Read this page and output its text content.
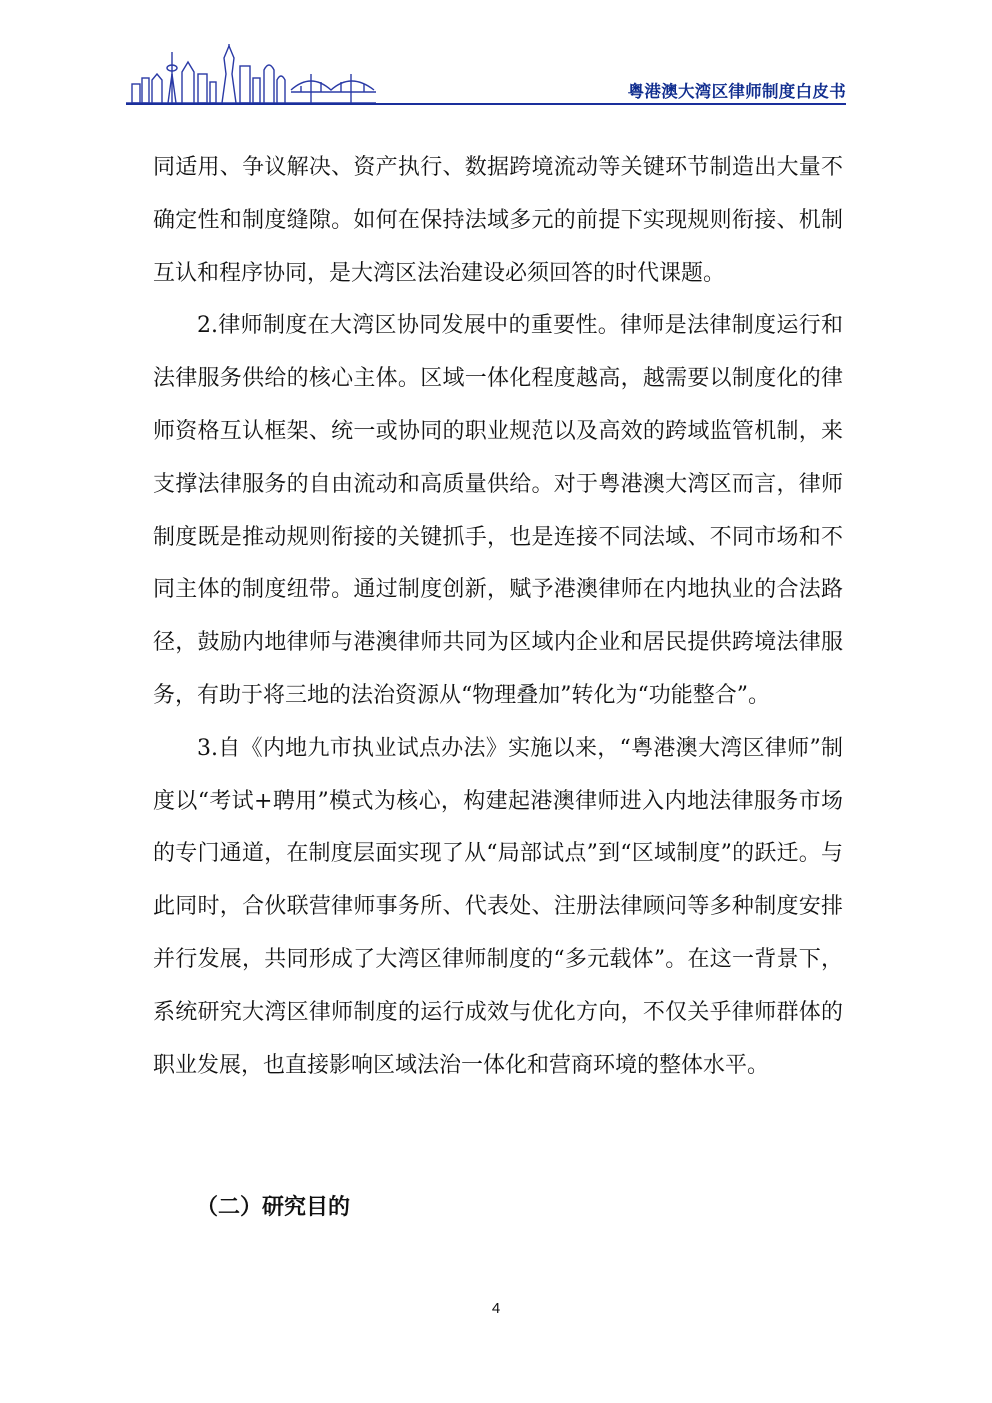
粤港澳大湾区律师制度白皮书

同适用、争议解决、资产执行、数据跨境流动等关键环节制造出大量不确定性和制度缝隙。如何在保持法域多元的前提下实现规则衔接、机制互认和程序协同，是大湾区法治建设必须回答的时代课题。

2.律师制度在大湾区协同发展中的重要性。律师是法律制度运行和法律服务供给的核心主体。区域一体化程度越高，越需要以制度化的律师资格互认框架、统一或协同的职业规范以及高效的跨域监管机制，来支撑法律服务的自由流动和高质量供给。对于粤港澳大湾区而言，律师制度既是推动规则衔接的关键抓手，也是连接不同法域、不同市场和不同主体的制度纽带。通过制度创新，赋予港澳律师在内地执业的合法路径，鼓励内地律师与港澳律师共同为区域内企业和居民提供跨境法律服务，有助于将三地的法治资源从“物理叠加”转化为“功能整合”。

3.自《内地九市执业试点办法》实施以来，“粤港澳大湾区律师”制度以“考试+聘用”模式为核心，构建起港澳律师进入内地法律服务市场的专门通道，在制度层面实现了从“局部试点”到“区域制度”的跃迁。与此同时，合伙联营律师事务所、代表处、注册法律顾问等多种制度安排并行发展，共同形成了大湾区律师制度的“多元载体”。在这一背景下，系统研究大湾区律师制度的运行成效与优化方向，不仅关乎律师群体的职业发展，也直接影响区域法治一体化和营商环境的整体水平。

（二）研究目的
4
